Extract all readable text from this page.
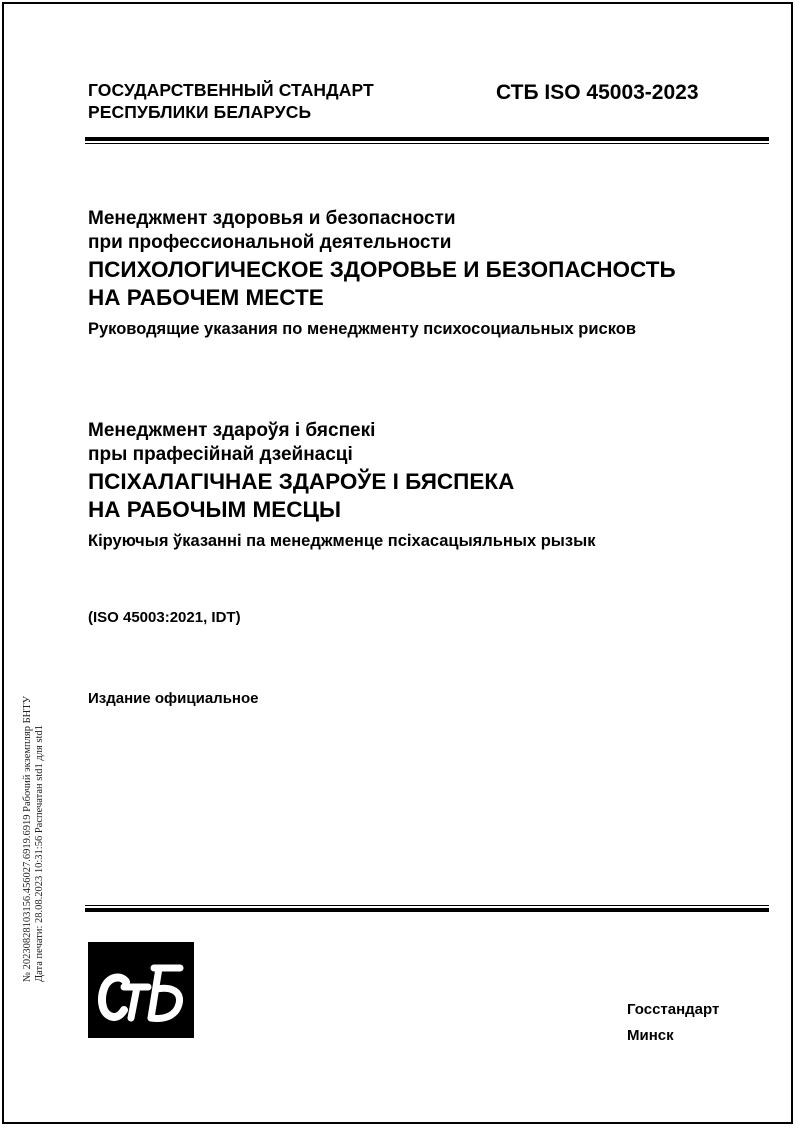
ГОСУДАРСТВЕННЫЙ СТАНДАРТ
РЕСПУБЛИКИ БЕЛАРУСЬ
СТБ ISO 45003-2023
Менеджмент здоровья и безопасности
при профессиональной деятельности
ПСИХОЛОГИЧЕСКОЕ ЗДОРОВЬЕ И БЕЗОПАСНОСТЬ
НА РАБОЧЕМ МЕСТЕ
Руководящие указания по менеджменту психосоциальных рисков
Менеджмент здароўя і бяспекі
пры прафесійнай дзейнасці
ПСІХАЛАГІЧНАЕ ЗДАРОЎЕ І БЯСПЕКА
НА РАБОЧЫМ МЕСЦЫ
Кіруючыя ўказанні па менеджменце псіхасацыяльных рызык
(ISO 45003:2021, IDT)
Издание официальное
№ 20230828103156.456027.6919.6919 Рабочий экземпляр БНТУ Дата печати: 28.08.2023 10:31:56 Распечатан std1 для std1
Госстандарт
Минск
